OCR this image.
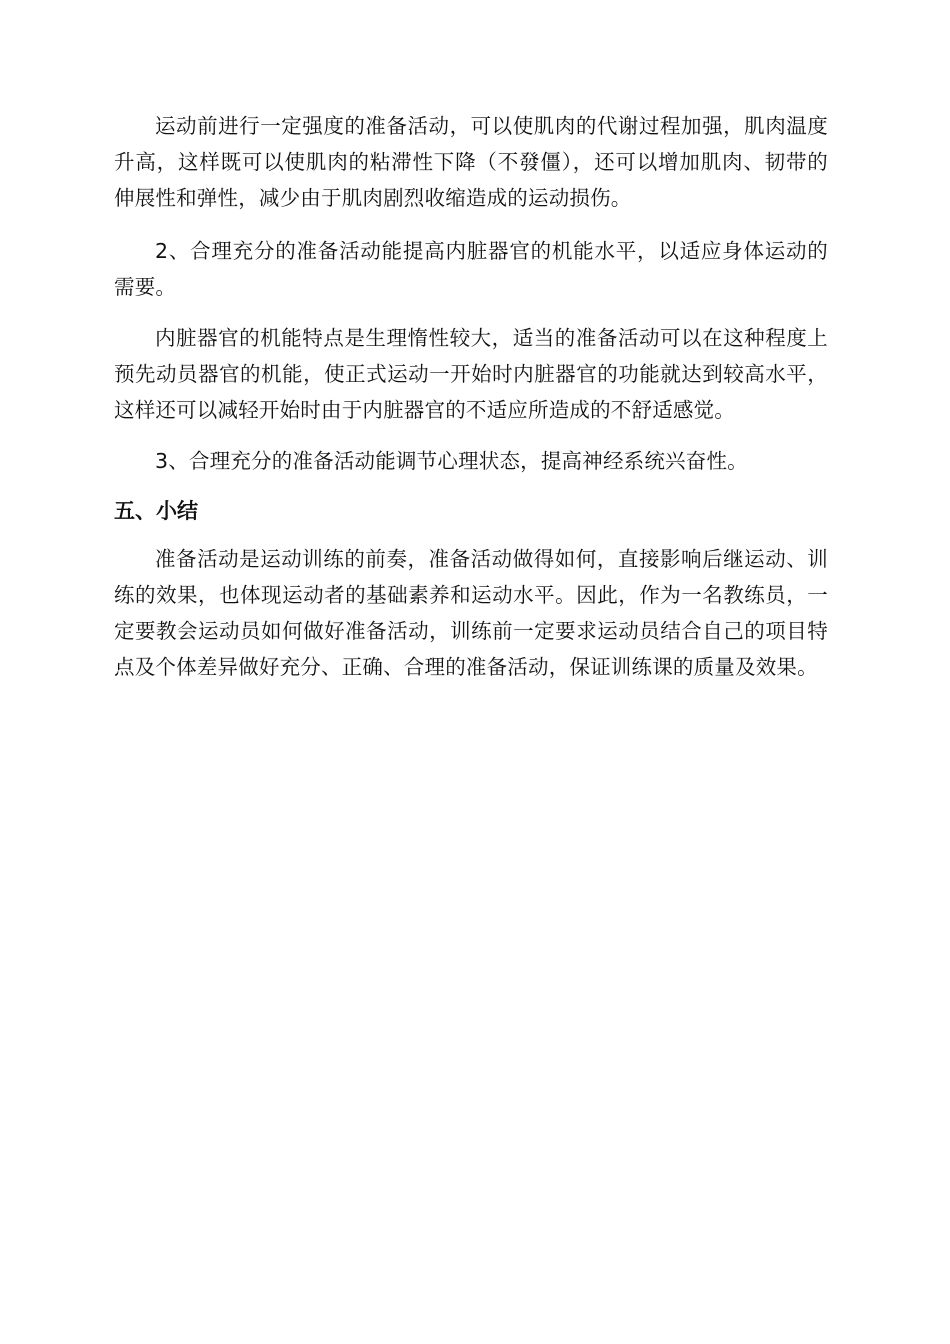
运动前进行一定强度的准备活动，可以使肌肉的代谢过程加强，肌肉温度升高，这样既可以使肌肉的粘滞性下降（不發僵），还可以增加肌肉、韧带的伸展性和弹性，减少由于肌肉剧烈收缩造成的运动损伤。

2、合理充分的准备活动能提高内脏器官的机能水平，以适应身体运动的需要。

内脏器官的机能特点是生理惰性较大，适当的准备活动可以在这种程度上预先动员器官的机能，使正式运动一开始时内脏器官的功能就达到较高水平，这样还可以减轻开始时由于内脏器官的不适应所造成的不舒适感觉。

3、合理充分的准备活动能调节心理状态，提高神经系统兴奋性。

五、小结

准备活动是运动训练的前奏，准备活动做得如何，直接影响后继运动、训练的效果，也体现运动者的基础素养和运动水平。因此，作为一名教练员，一定要教会运动员如何做好准备活动，训练前一定要求运动员结合自己的项目特点及个体差异做好充分、正确、合理的准备活动，保证训练课的质量及效果。
